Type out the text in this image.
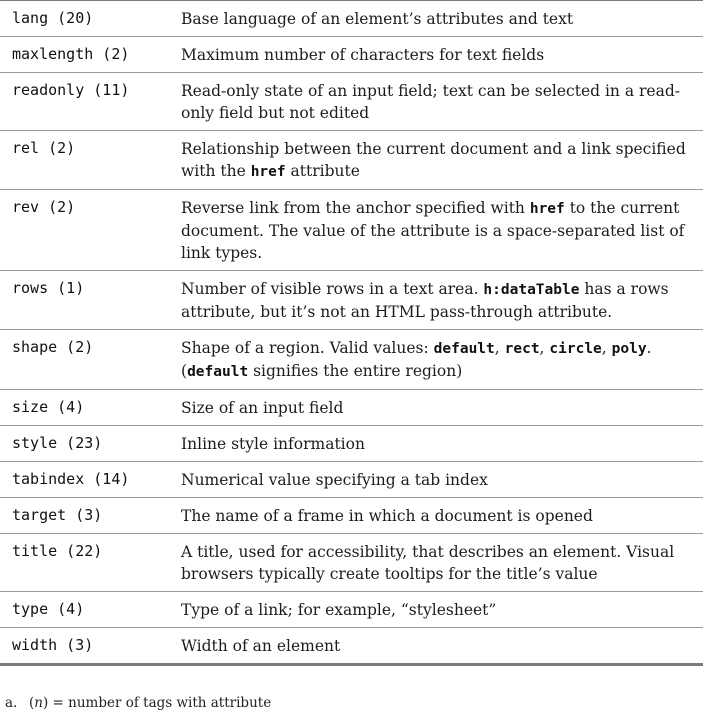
lang (20)	Base language of an element’s attributes and text
maxlength (2)	Maximum number of characters for text fields
readonly (11)	Read-only state of an input field; text can be selected in a read-only field but not edited
rel (2)	Relationship between the current document and a link specified with the href attribute
rev (2)	Reverse link from the anchor specified with href to the current document. The value of the attribute is a space-separated list of link types.
rows (1)	Number of visible rows in a text area. h:dataTable has a rows attribute, but it’s not an HTML pass-through attribute.
shape (2)	Shape of a region. Valid values: default, rect, circle, poly. (default signifies the entire region)
size (4)	Size of an input field
style (23)	Inline style information
tabindex (14)	Numerical value specifying a tab index
target (3)	The name of a frame in which a document is opened
title (22)	A title, used for accessibility, that describes an element. Visual browsers typically create tooltips for the title’s value
type (4)	Type of a link; for example, “stylesheet”
width (3)	Width of an element
a. (n) = number of tags with attribute
